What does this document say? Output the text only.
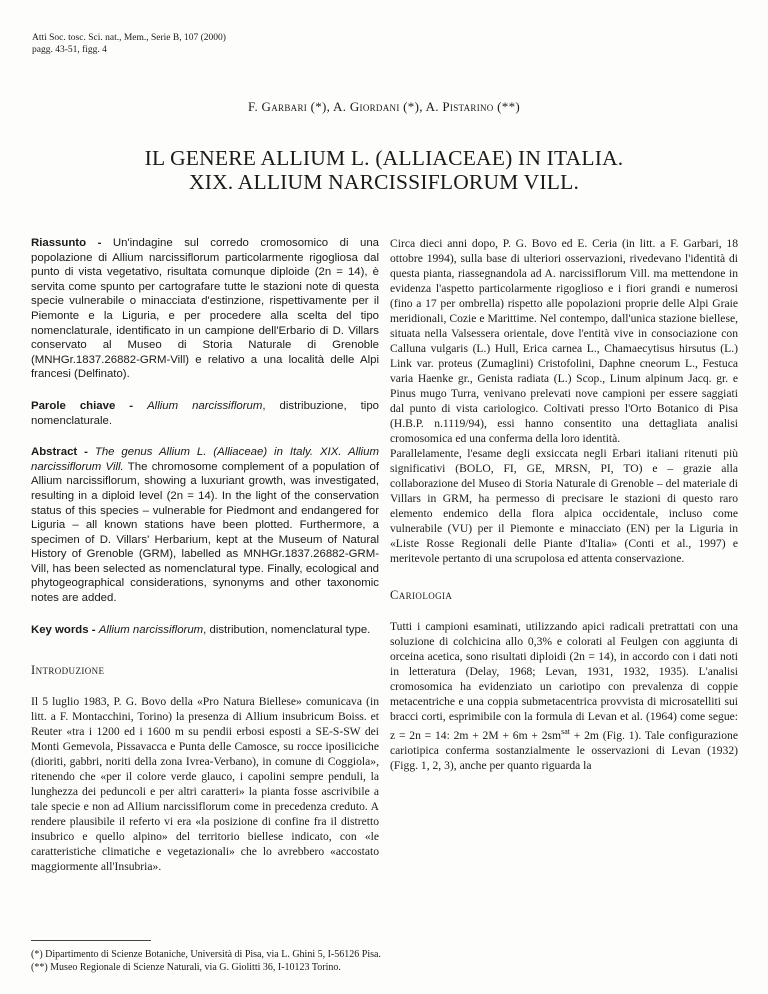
Atti Soc. tosc. Sci. nat., Mem., Serie B, 107 (2000)
pagg. 43-51, figg. 4
F. Garbari (*), A. Giordani (*), A. Pistarino (**)
IL GENERE ALLIUM L. (ALLIACEAE) IN ITALIA.
XIX. ALLIUM NARCISSIFLORUM VILL.

Riassunto - Un'indagine sul corredo cromosomico di una popolazione di Allium narcissiflorum particolarmente rigogliosa dal punto di vista vegetativo, risultata comunque diploide (2n = 14), è servita come spunto per cartografare tutte le stazioni note di questa specie vulnerabile o minacciata d'estinzione, rispettivamente per il Piemonte e la Liguria, e per procedere alla scelta del tipo nomenclaturale, identificato in un campione dell'Erbario di D. Villars conservato al Museo di Storia Naturale di Grenoble (MNHGr.1837.26882-GRM-Vill) e relativo a una località delle Alpi francesi (Delfinato).

Parole chiave - Allium narcissiflorum, distribuzione, tipo nomenclaturale.

Abstract - The genus Allium L. (Alliaceae) in Italy. XIX. Allium narcissiflorum Vill. The chromosome complement of a population of Allium narcissiflorum, showing a luxuriant growth, was investigated, resulting in a diploid level (2n = 14). In the light of the conservation status of this species – vulnerable for Piedmont and endangered for Liguria – all known stations have been plotted. Furthermore, a specimen of D. Villars' Herbarium, kept at the Museum of Natural History of Grenoble (GRM), labelled as MNHGr.1837.26882-GRM-Vill, has been selected as nomenclatural type. Finally, ecological and phytogeographical considerations, synonyms and other taxonomic notes are added.

Key words - Allium narcissiflorum, distribution, nomenclatural type.

Introduzione

Il 5 luglio 1983, P. G. Bovo della «Pro Natura Biellese» comunicava (in litt. a F. Montacchini, Torino) la presenza di Allium insubricum Boiss. et Reuter «tra i 1200 ed i 1600 m su pendii erbosi esposti a SE-S-SW dei Monti Gemevola, Pissavacca e Punta delle Camosce, su rocce iposiliciche (dioriti, gabbri, noriti della zona Ivrea-Verbano), in comune di Coggiola», ritenendo che «per il colore verde glauco, i capolini sempre penduli, la lunghezza dei peduncoli e per altri caratteri» la pianta fosse ascrivibile a tale specie e non ad Allium narcissiflorum come in precedenza creduto. A rendere plausibile il referto vi era «la posizione di confine fra il distretto insubrico e quello alpino» del territorio biellese indicato, con «le caratteristiche climatiche e vegetazionali» che lo avrebbero «accostato maggiormente all'Insubria».

Circa dieci anni dopo, P. G. Bovo ed E. Ceria (in litt. a F. Garbari, 18 ottobre 1994), sulla base di ulteriori osservazioni, rivedevano l'identità di questa pianta, riassegnandola ad A. narcissiflorum Vill. ma mettendone in evidenza l'aspetto particolarmente rigoglioso e i fiori grandi e numerosi (fino a 17 per ombrella) rispetto alle popolazioni proprie delle Alpi Graie meridionali, Cozie e Marittime. Nel contempo, dall'unica stazione biellese, situata nella Valsessera orientale, dove l'entità vive in consociazione con Calluna vulgaris (L.) Hull, Erica carnea L., Chamaecytisus hirsutus (L.) Link var. proteus (Zumaglini) Cristofolini, Daphne cneorum L., Festuca varia Haenke gr., Genista radiata (L.) Scop., Linum alpinum Jacq. gr. e Pinus mugo Turra, venivano prelevati nove campioni per essere saggiati dal punto di vista cariologico. Coltivati presso l'Orto Botanico di Pisa (H.B.P. n.1119/94), essi hanno consentito una dettagliata analisi cromosomica ed una conferma della loro identità.

Parallelamente, l'esame degli exsiccata negli Erbari italiani ritenuti più significativi (BOLO, FI, GE, MRSN, PI, TO) e – grazie alla collaborazione del Museo di Storia Naturale di Grenoble – del materiale di Villars in GRM, ha permesso di precisare le stazioni di questo raro elemento endemico della flora alpica occidentale, incluso come vulnerabile (VU) per il Piemonte e minacciato (EN) per la Liguria in «Liste Rosse Regionali delle Piante d'Italia» (Conti et al., 1997) e meritevole pertanto di una scrupolosa ed attenta conservazione.

Cariologia

Tutti i campioni esaminati, utilizzando apici radicali pretrattati con una soluzione di colchicina allo 0,3% e colorati al Feulgen con aggiunta di orceina acetica, sono risultati diploidi (2n = 14), in accordo con i dati noti in letteratura (Delay, 1968; Levan, 1931, 1932, 1935). L'analisi cromosomica ha evidenziato un cariotipo con prevalenza di coppie metacentriche e una coppia submetacentrica provvista di microsatelliti sui bracci corti, esprimibile con la formula di Levan et al. (1964) come segue: z = 2n = 14: $2m + 2M + 6m + 2sm^{sat} + 2m$ (Fig. 1). Tale configurazione cariotipica conferma sostanzialmente le osservazioni di Levan (1932) (Figg. 1, 2, 3), anche per quanto riguarda la

(*) Dipartimento di Scienze Botaniche, Università di Pisa, via L. Ghini 5, I-56126 Pisa.
(**) Museo Regionale di Scienze Naturali, via G. Giolitti 36, I-10123 Torino.
